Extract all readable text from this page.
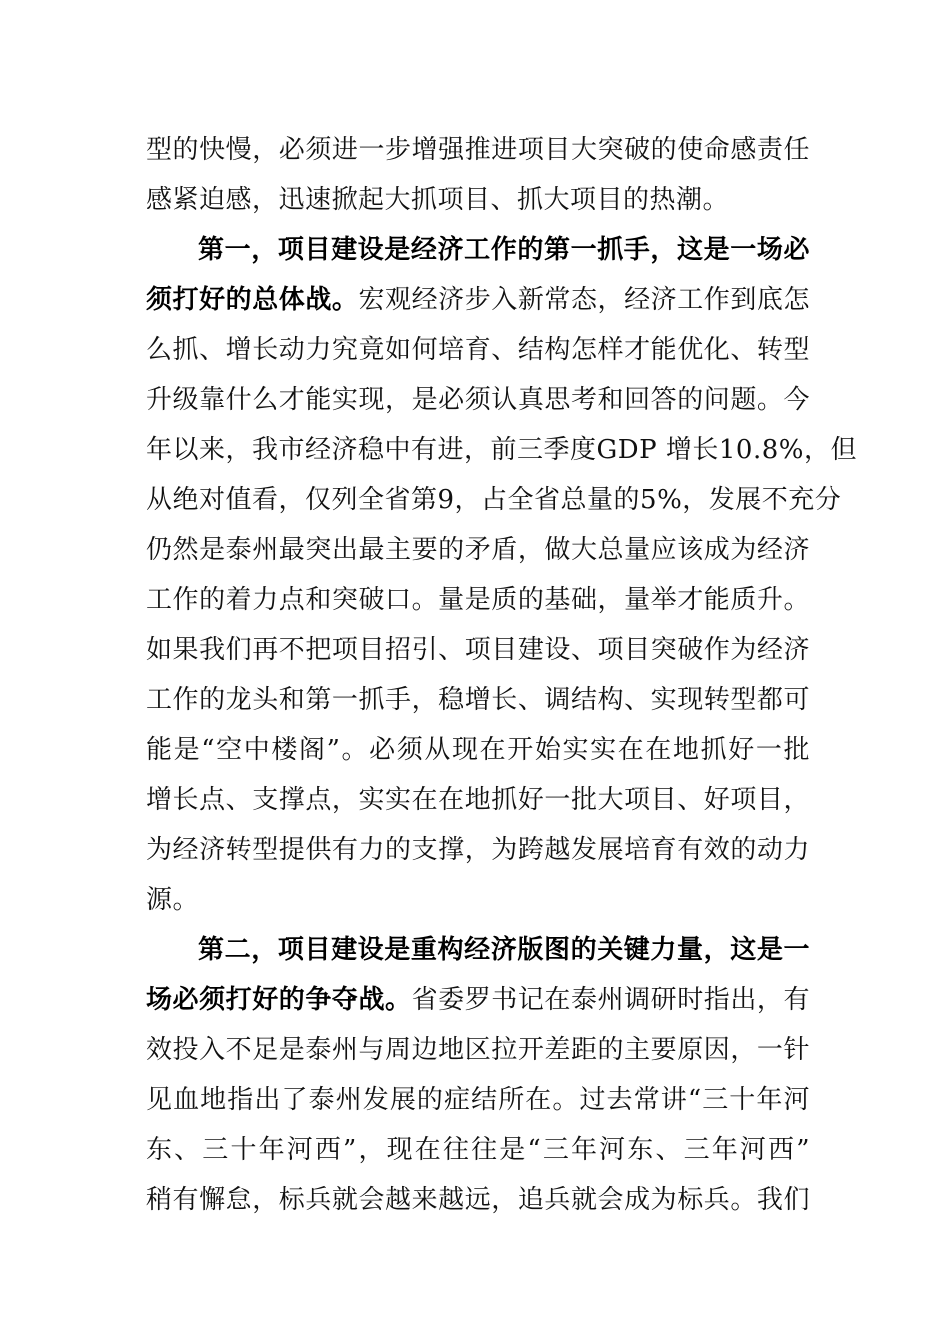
型的快慢，必须进一步增强推进项目大突破的使命感责任
感紧迫感，迅速掀起大抓项目、抓大项目的热潮。
第一，项目建设是经济工作的第一抓手，这是一场必
须打好的总体战。宏观经济步入新常态，经济工作到底怎
么抓、增长动力究竟如何培育、结构怎样才能优化、转型
升级靠什么才能实现，是必须认真思考和回答的问题。今
年以来，我市经济稳中有进，前三季度GDP 增长10.8%，但
从绝对值看，仅列全省第9，占全省总量的5%，发展不充分
仍然是泰州最突出最主要的矛盾，做大总量应该成为经济
工作的着力点和突破口。量是质的基础，量举才能质升。
如果我们再不把项目招引、项目建设、项目突破作为经济
工作的龙头和第一抓手，稳增长、调结构、实现转型都可
能是“空中楼阁”。必须从现在开始实实在在地抓好一批
增长点、支撑点，实实在在地抓好一批大项目、好项目，
为经济转型提供有力的支撑，为跨越发展培育有效的动力
源。
第二，项目建设是重构经济版图的关键力量，这是一
场必须打好的争夺战。省委罗书记在泰州调研时指出，有
效投入不足是泰州与周边地区拉开差距的主要原因，一针
见血地指出了泰州发展的症结所在。过去常讲“三十年河
东、三十年河西”，现在往往是“三年河东、三年河西”
稍有懈怠，标兵就会越来越远，追兵就会成为标兵。我们
